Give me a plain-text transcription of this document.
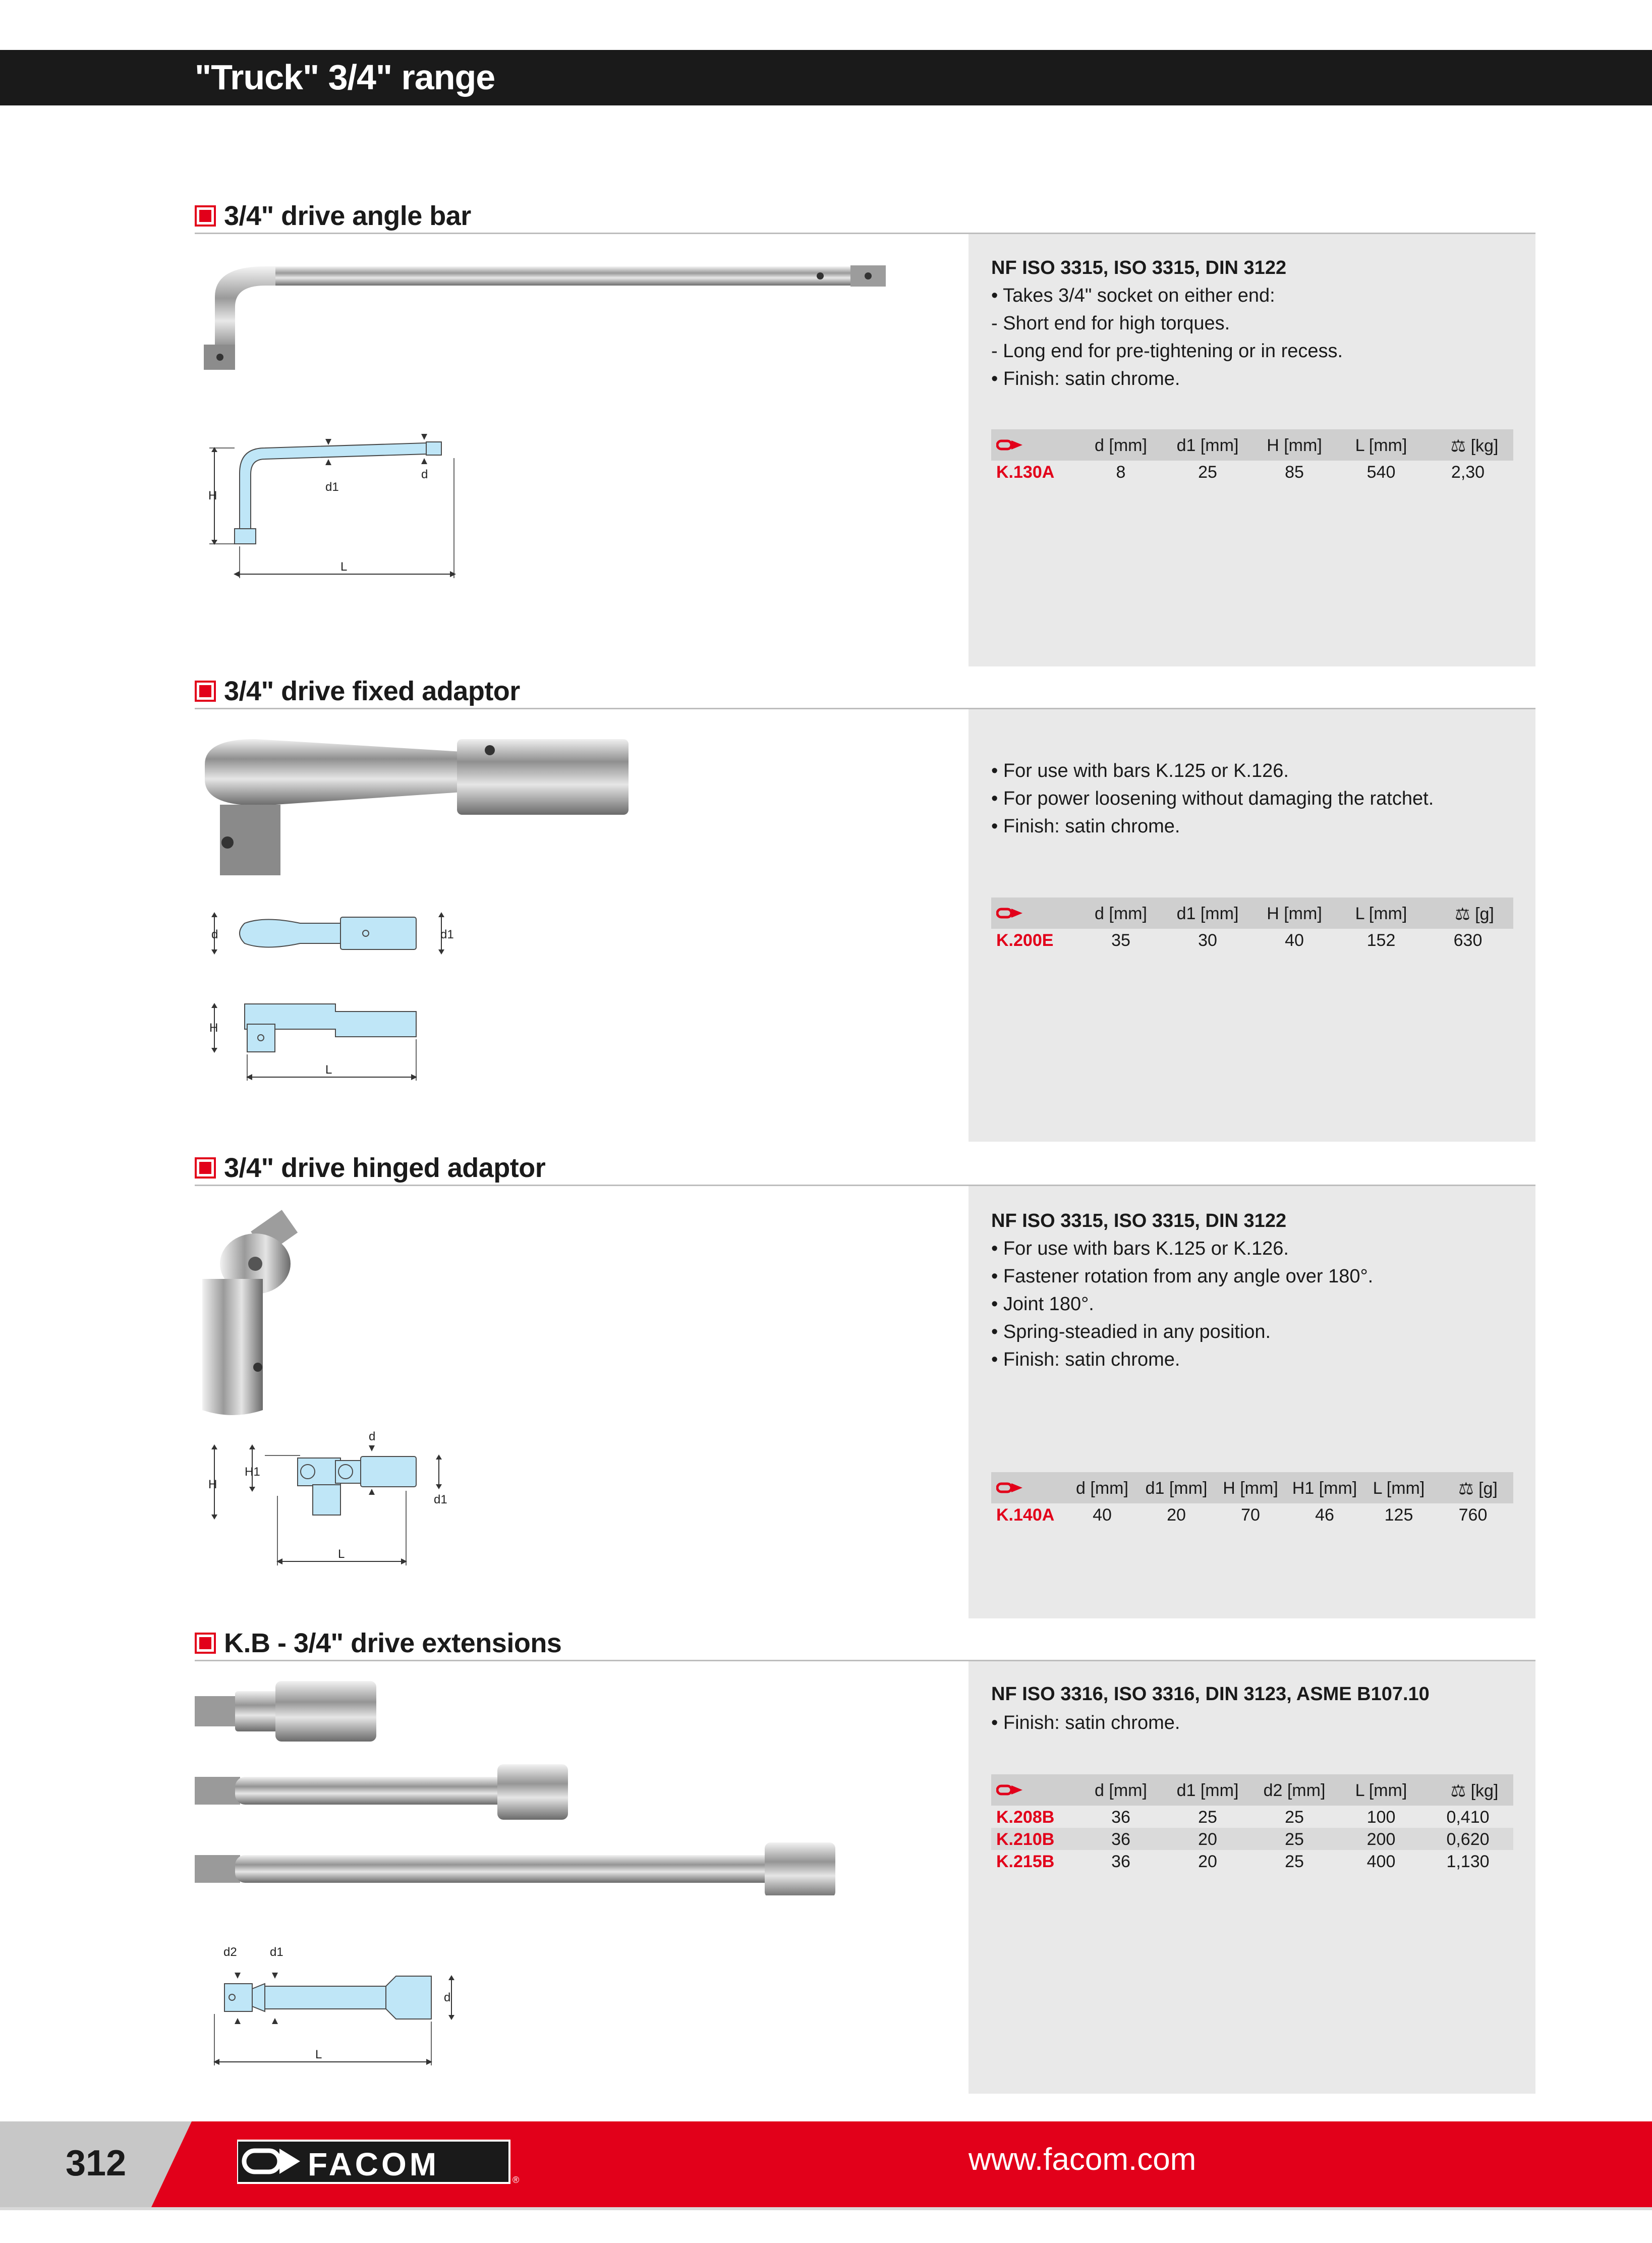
"Truck" 3/4" range
3/4" drive angle bar
H
d1
d
L
NF ISO 3315, ISO 3315, DIN 3122
• Takes 3/4" socket on either end:
- Short end for high torques.
- Long end for pre-tightening or in recess.
• Finish: satin chrome.
d [mm] d1 [mm] H [mm] L [mm]	⚖ [kg]
K.130A	8	25	85	540	2,30
3/4" drive fixed adaptor
d	d1
H
L
• For use with bars K.125 or K.126.
• For power loosening without damaging the ratchet.
• Finish: satin chrome.
d [mm] d1 [mm] H [mm] L [mm]	⚖ [g]
K.200E	35	30	40	152	630
3/4" drive hinged adaptor
d
H1
H
d1
L
NF ISO 3315, ISO 3315, DIN 3122
• For use with bars K.125 or K.126.
• Fastener rotation from any angle over 180°.
• Joint 180°.
• Spring-steadied in any position.
• Finish: satin chrome.
d [mm] d1 [mm] H [mm] H1 [mm] L [mm] ⚖ [g]
K.140A 40	20	70	46	125	760
K.B - 3/4" drive extensions
d2	d1
d
L
NF ISO 3316, ISO 3316, DIN 3123, ASME B107.10
• Finish: satin chrome.
d [mm] d1 [mm] d2 [mm] L [mm]	⚖ [kg]
K.208B	36	25	25	100	0,410
K.210B	36	20	25	200	0,620
K.215B	36	20	25	400	1,130
312	FACOM	®
www.facom.com
